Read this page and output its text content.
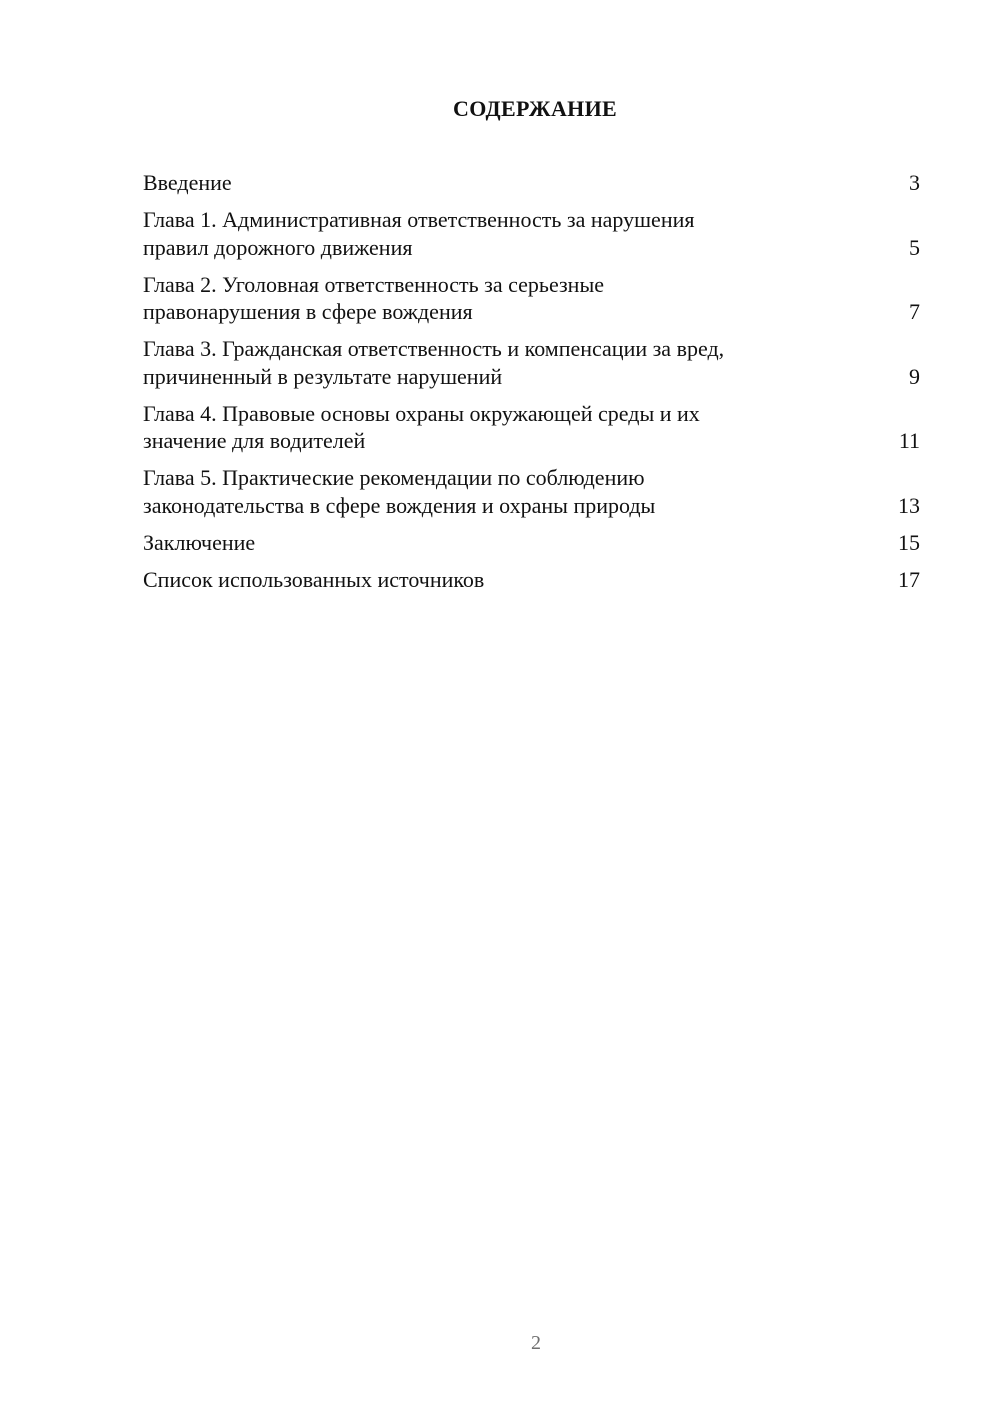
СОДЕРЖАНИЕ
Введение	3
Глава 1. Административная ответственность за нарушения
правил дорожного движения	5
Глава 2. Уголовная ответственность за серьезные
правонарушения в сфере вождения	7
Глава 3. Гражданская ответственность и компенсации за вред,
причиненный в результате нарушений	9
Глава 4. Правовые основы охраны окружающей среды и их
значение для водителей	11
Глава 5. Практические рекомендации по соблюдению
законодательства в сфере вождения и охраны природы	13
Заключение	15
Список использованных источников	17
2
